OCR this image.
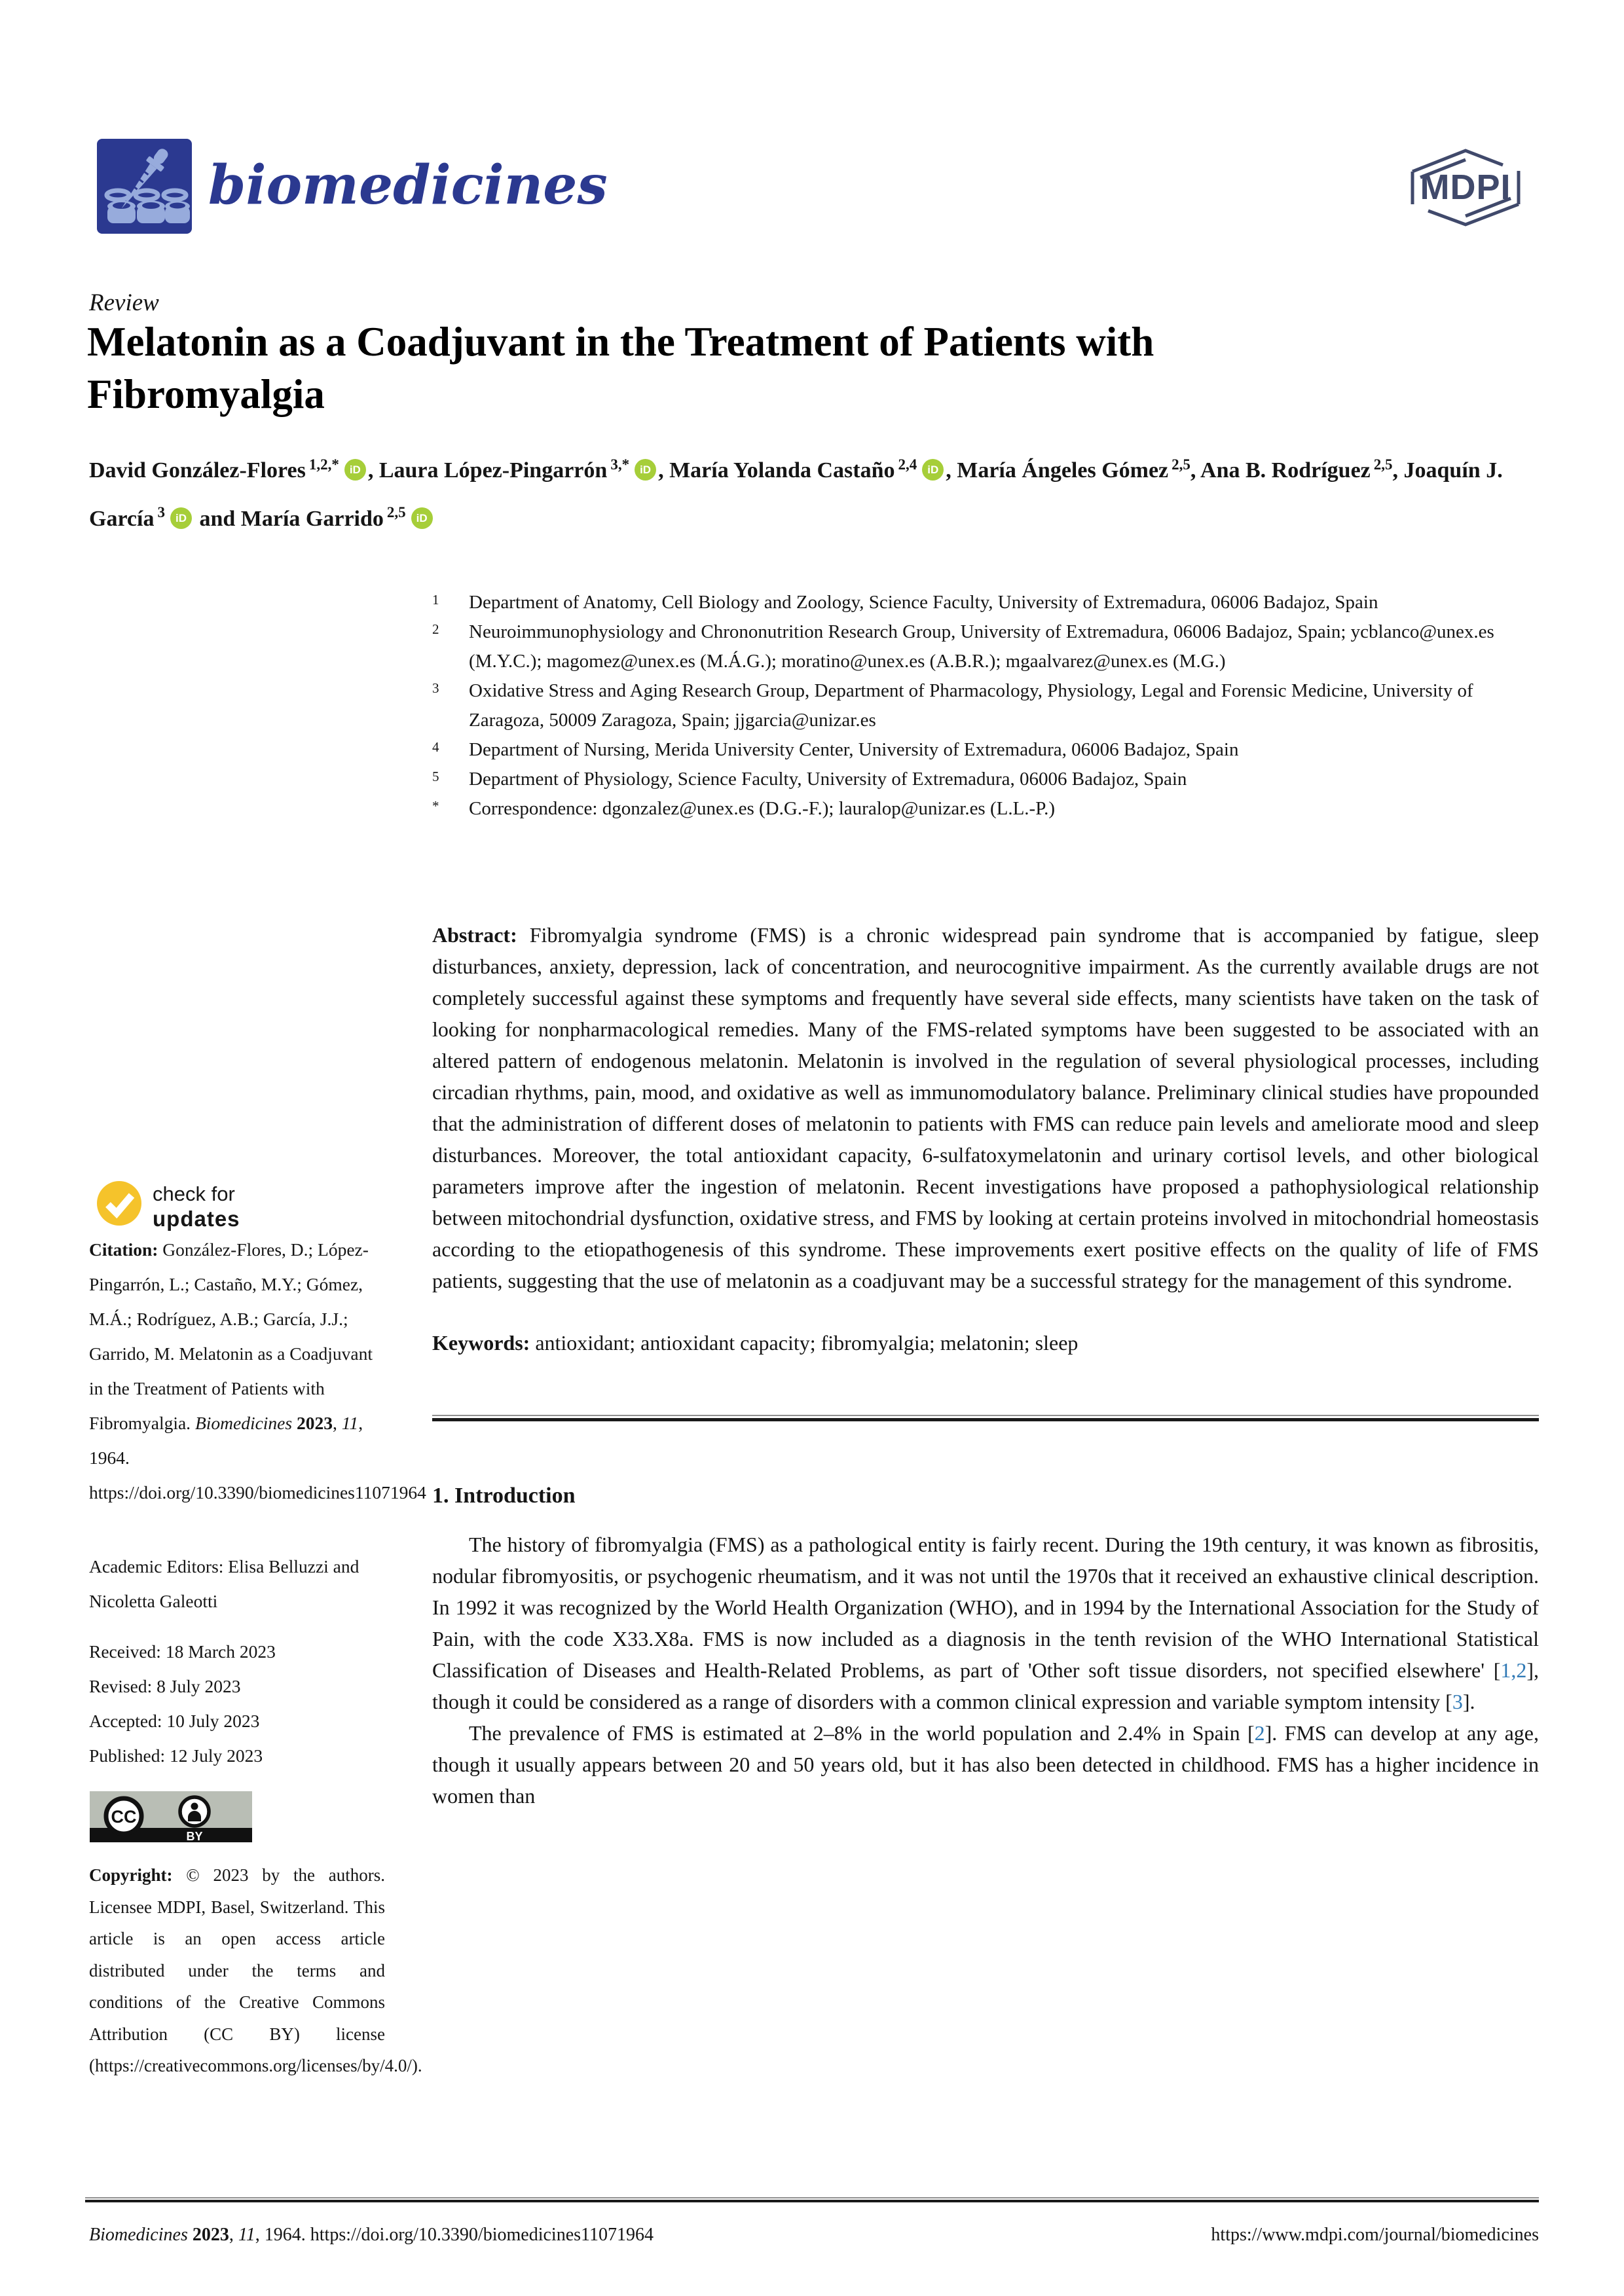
biomedicines	MDPI
Review
Melatonin as a Coadjuvant in the Treatment of Patients with Fibromyalgia
David González-Flores $^{1,2,*}$ iD , Laura López-Pingarrón $^{3,*}$ iD , María Yolanda Castaño $^{2,4}$ iD , María Ángeles Gómez $^{2,5}$, Ana B. Rodríguez $^{2,5}$, Joaquín J. García $^3$ iD and María Garrido $^{2,5}$ iD
1	Department of Anatomy, Cell Biology and Zoology, Science Faculty, University of Extremadura, 06006 Badajoz, Spain
2	Neuroimmunophysiology and Chrononutrition Research Group, University of Extremadura, 06006 Badajoz, Spain; ycblanco@unex.es (M.Y.C.); magomez@unex.es (M.Á.G.); moratino@unex.es (A.B.R.); mgaalvarez@unex.es (M.G.)
3	Oxidative Stress and Aging Research Group, Department of Pharmacology, Physiology, Legal and Forensic Medicine, University of Zaragoza, 50009 Zaragoza, Spain; jjgarcia@unizar.es
4	Department of Nursing, Merida University Center, University of Extremadura, 06006 Badajoz, Spain
5	Department of Physiology, Science Faculty, University of Extremadura, 06006 Badajoz, Spain
*	Correspondence: dgonzalez@unex.es (D.G.-F.); lauralop@unizar.es (L.L.-P.)

Abstract: Fibromyalgia syndrome (FMS) is a chronic widespread pain syndrome that is accompanied by fatigue, sleep disturbances, anxiety, depression, lack of concentration, and neurocognitive impairment. As the currently available drugs are not completely successful against these symptoms and frequently have several side effects, many scientists have taken on the task of looking for nonpharmacological remedies. Many of the FMS-related symptoms have been suggested to be associated with an altered pattern of endogenous melatonin. Melatonin is involved in the regulation of several physiological processes, including circadian rhythms, pain, mood, and oxidative as well as immunomodulatory balance. Preliminary clinical studies have propounded that the administration of different doses of melatonin to patients with FMS can reduce pain levels and ameliorate mood and sleep disturbances. Moreover, the total antioxidant capacity, 6-sulfatoxymelatonin and urinary cortisol levels, and other biological parameters improve after the ingestion of melatonin. Recent investigations have proposed a pathophysiological relationship between mitochondrial dysfunction, oxidative stress, and FMS by looking at certain proteins involved in mitochondrial homeostasis according to the etiopathogenesis of this syndrome. These improvements exert positive effects on the quality of life of FMS patients, suggesting that the use of melatonin as a coadjuvant may be a successful strategy for the management of this syndrome.

Keywords: antioxidant; antioxidant capacity; fibromyalgia; melatonin; sleep

1. Introduction

The history of fibromyalgia (FMS) as a pathological entity is fairly recent. During the 19th century, it was known as fibrositis, nodular fibromyositis, or psychogenic rheumatism, and it was not until the 1970s that it received an exhaustive clinical description. In 1992 it was recognized by the World Health Organization (WHO), and in 1994 by the International Association for the Study of Pain, with the code X33.X8a. FMS is now included as a diagnosis in the tenth revision of the WHO International Statistical Classification of Diseases and Health-Related Problems, as part of 'Other soft tissue disorders, not specified elsewhere' [1,2], though it could be considered as a range of disorders with a common clinical expression and variable symptom intensity [3].

The prevalence of FMS is estimated at 2–8% in the world population and 2.4% in Spain [2]. FMS can develop at any age, though it usually appears between 20 and 50 years old, but it has also been detected in childhood. FMS has a higher incidence in women than

check for
updates
Citation: González-Flores, D.; López-Pingarrón, L.; Castaño, M.Y.; Gómez, M.Á.; Rodríguez, A.B.; García, J.J.; Garrido, M. Melatonin as a Coadjuvant in the Treatment of Patients with Fibromyalgia. Biomedicines 2023, 11, 1964. https://doi.org/10.3390/biomedicines11071964
Academic Editors: Elisa Belluzzi and Nicoletta Galeotti
Received: 18 March 2023
Revised: 8 July 2023
Accepted: 10 July 2023
Published: 12 July 2023
CC
BY
Copyright: © 2023 by the authors. Licensee MDPI, Basel, Switzerland. This article is an open access article distributed under the terms and conditions of the Creative Commons Attribution (CC BY) license (https://creativecommons.org/licenses/by/4.0/).
Biomedicines 2023, 11, 1964. https://doi.org/10.3390/biomedicines11071964	https://www.mdpi.com/journal/biomedicines
